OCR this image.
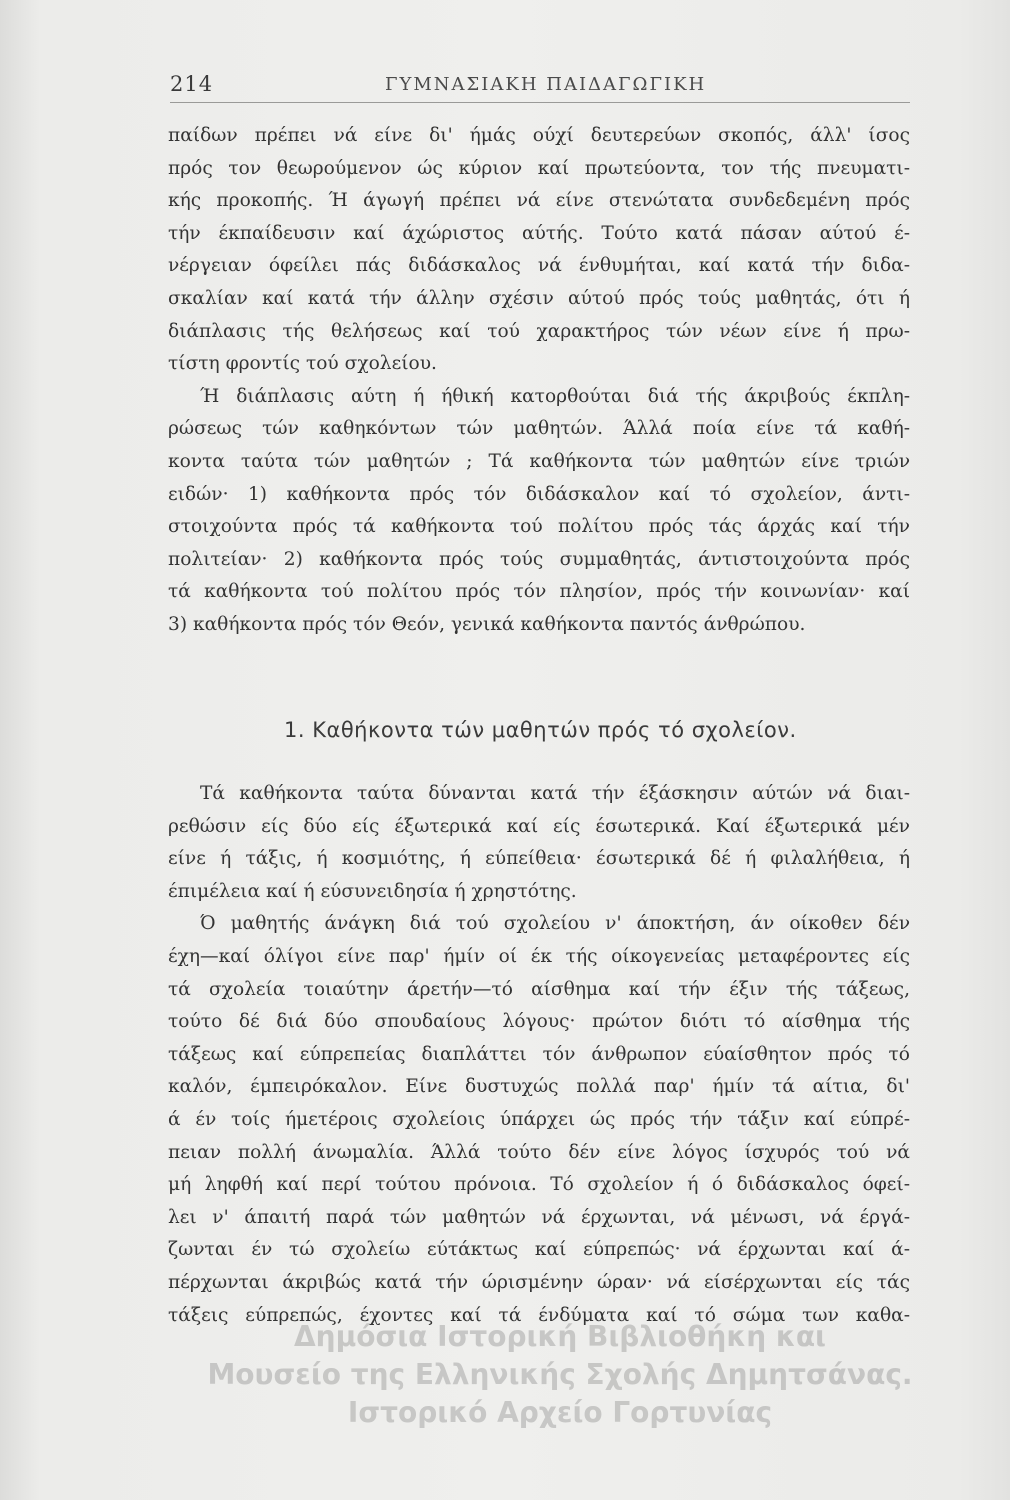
214	ΓΥΜΝΑΣΙΑΚΗ ΠΑΙΔΑΓΩΓΙΚΗ
παίδων πρέπει νά είνε δι' ήμάς ούχί δευτερεύων σκοπός, άλλ' ίσος
πρός τον θεωρούμενον ώς κύριον καί πρωτεύοντα, τον τής πνευματι-
κής προκοπής. Ή άγωγή πρέπει νά είνε στενώτατα συνδεδεμένη πρός
τήν έκπαίδευσιν καί άχώριστος αύτής. Τούτο κατά πάσαν αύτού έ-
νέργειαν όφείλει πάς διδάσκαλος νά ένθυμήται, καί κατά τήν διδα-
σκαλίαν καί κατά τήν άλλην σχέσιν αύτού πρός τούς μαθητάς, ότι ή
διάπλασις τής θελήσεως καί τού χαρακτήρος τών νέων είνε ή πρω-
τίστη φροντίς τού σχολείου.
Ή διάπλασις αύτη ή ήθική κατορθούται διά τής άκριβούς έκπλη-
ρώσεως τών καθηκόντων τών μαθητών. Άλλά ποία είνε τά καθή-
κοντα ταύτα τών μαθητών ; Τά καθήκοντα τών μαθητών είνε τριών
ειδών· 1) καθήκοντα πρός τόν διδάσκαλον καί τό σχολείον, άντι-
στοιχούντα πρός τά καθήκοντα τού πολίτου πρός τάς άρχάς καί τήν
πολιτείαν· 2) καθήκοντα πρός τούς συμμαθητάς, άντιστοιχούντα πρός
τά καθήκοντα τού πολίτου πρός τόν πλησίον, πρός τήν κοινωνίαν· καί
3) καθήκοντα πρός τόν Θεόν, γενικά καθήκοντα παντός άνθρώπου.
1. Καθήκοντα τών μαθητών πρός τό σχολείον.
Τά καθήκοντα ταύτα δύνανται κατά τήν έξάσκησιν αύτών νά διαι-
ρεθώσιν είς δύο είς έξωτερικά καί είς έσωτερικά. Καί έξωτερικά μέν
είνε ή τάξις, ή κοσμιότης, ή εύπείθεια· έσωτερικά δέ ή φιλαλήθεια, ή
έπιμέλεια καί ή εύσυνειδησία ή χρηστότης.
Ό μαθητής άνάγκη διά τού σχολείου ν' άποκτήση, άν οίκοθεν δέν
έχη—καί όλίγοι είνε παρ' ήμίν οί έκ τής οίκογενείας μεταφέροντες είς
τά σχολεία τοιαύτην άρετήν—τό αίσθημα καί τήν έξιν τής τάξεως,
τούτο δέ διά δύο σπουδαίους λόγους· πρώτον διότι τό αίσθημα τής
τάξεως καί εύπρεπείας διαπλάττει τόν άνθρωπον εύαίσθητον πρός τό
καλόν, έμπειρόκαλον. Είνε δυστυχώς πολλά παρ' ήμίν τά αίτια, δι'
ά έν τοίς ήμετέροις σχολείοις ύπάρχει ώς πρός τήν τάξιν καί εύπρέ-
πειαν πολλή άνωμαλία. Άλλά τούτο δέν είνε λόγος ίσχυρός τού νά
μή ληφθή καί περί τούτου πρόνοια. Τό σχολείον ή ό διδάσκαλος όφεί-
λει ν' άπαιτή παρά τών μαθητών νά έρχωνται, νά μένωσι, νά έργά-
ζωνται έν τώ σχολείω εύτάκτως καί εύπρεπώς· νά έρχωνται καί ά-
πέρχωνται άκριβώς κατά τήν ώρισμένην ώραν· νά είσέρχωνται είς τάς
τάξεις εύπρεπώς, έχοντες καί τά ένδύματα καί τό σώμα των καθα-
Δημόσια Ιστορική Βιβλιοθήκη και
Μουσείο της Ελληνικής Σχολής Δημητσάνας.
Ιστορικό Αρχείο Γορτυνίας
